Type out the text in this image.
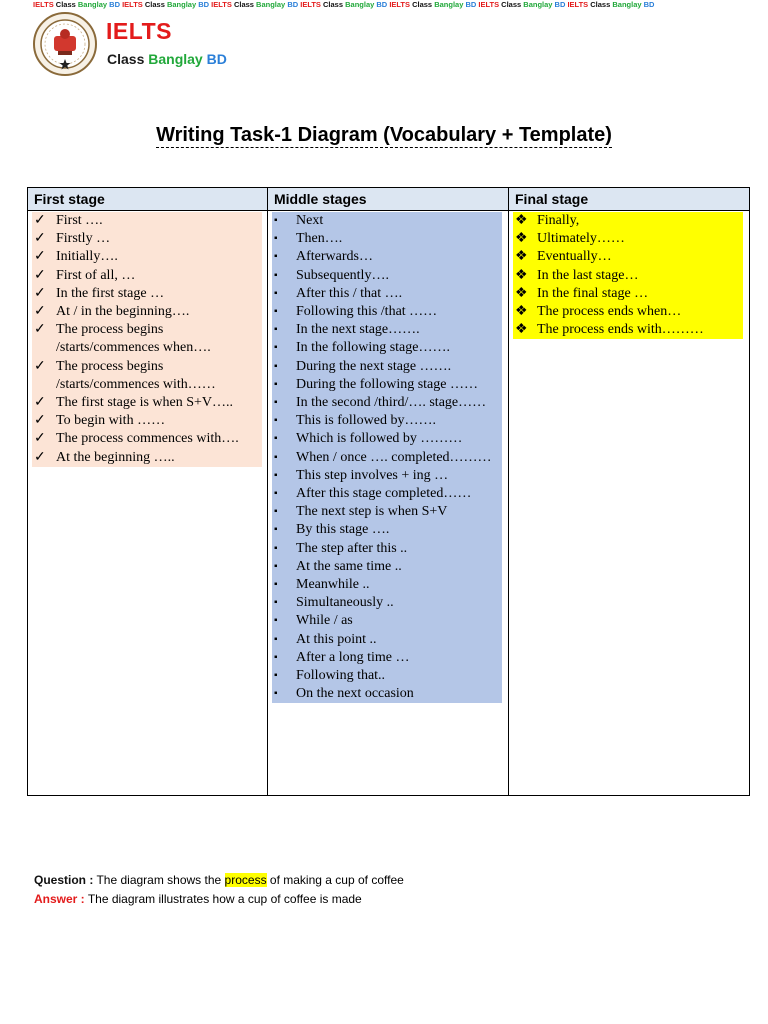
IELTS Class Banglay BD IELTS Class Banglay BD IELTS Class Banglay BD IELTS Class Banglay BD IELTS Class Banglay BD IELTS Class Banglay BD IELTS Class Banglay BD
IELTS
Class Banglay BD
Writing Task-1 Diagram (Vocabulary + Template)
First stage
✓ First ….
✓ Firstly …
✓ Initially….
✓ First of all, …
✓ In the first stage …
✓ At / in the beginning….
✓ The process begins /starts/commences when….
✓ The process begins /starts/commences with……
✓ The first stage is when S+V…..
✓ To begin with ……
✓ The process commences with….
✓ At the beginning …..
Middle stages
▪	Next
▪	Then….
▪	Afterwards…
▪	Subsequently….
▪	After this / that ….
▪	Following this /that ……
▪	In the next stage…….
▪	In the following stage…….
▪	During the next stage …….
▪	During the following stage ……
▪	In the second /third/…. stage……
▪	This is followed by…….
▪	Which is followed by ………
▪	When / once …. completed………
▪	This step involves + ing …
▪	After this stage completed……
▪	The next step is when S+V
▪	By this stage ….
▪	The step after this ..
▪	At the same time ..
▪	Meanwhile ..
▪	Simultaneously ..
▪	While / as
▪	At this point ..
▪	After a long time …
▪	Following that..
▪	On the next occasion
Final stage
❖ Finally,
❖ Ultimately……
❖ Eventually…
❖ In the last stage…
❖ In the final stage …
❖ The process ends when…
❖ The process ends with………
Question : The diagram shows the process of making a cup of coffee
Answer : The diagram illustrates how a cup of coffee is made
